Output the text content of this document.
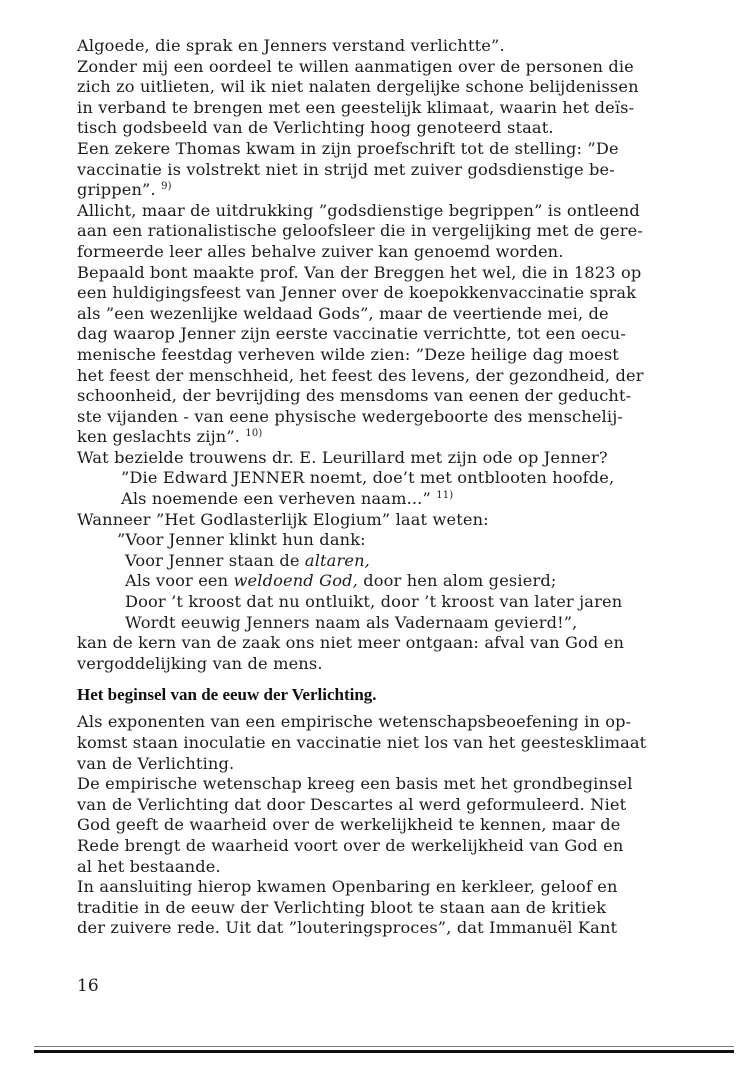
Algoede, die sprak en Jenners verstand verlichtte”.
Zonder mij een oordeel te willen aanmatigen over de personen die
zich zo uitlieten, wil ik niet nalaten dergelijke schone belijdenissen
in verband te brengen met een geestelijk klimaat, waarin het deïs-
tisch godsbeeld van de Verlichting hoog genoteerd staat.
Een zekere Thomas kwam in zijn proefschrift tot de stelling: ”De
vaccinatie is volstrekt niet in strijd met zuiver godsdienstige be-
grippen”. $^{9)}$
Allicht, maar de uitdrukking ”godsdienstige begrippen” is ontleend
aan een rationalistische geloofsleer die in vergelijking met de gere-
formeerde leer alles behalve zuiver kan genoemd worden.
Bepaald bont maakte prof. Van der Breggen het wel, die in 1823 op
een huldigingsfeest van Jenner over de koepokkenvaccinatie sprak
als ”een wezenlijke weldaad Gods”, maar de veertiende mei, de
dag waarop Jenner zijn eerste vaccinatie verrichtte, tot een oecu-
menische feestdag verheven wilde zien: ”Deze heilige dag moest
het feest der menschheid, het feest des levens, der gezondheid, der
schoonheid, der bevrijding des mensdoms van eenen der geducht-
ste vijanden - van eene physische wedergeboorte des menschelij-
ken geslachts zijn”. $^{10)}$
Wat bezielde trouwens dr. E. Leurillard met zijn ode op Jenner?
”Die Edward JENNER noemt, doe’t met ontblooten hoofde,
Als noemende een verheven naam...” $^{11)}$
Wanneer ”Het Godlasterlijk Elogium” laat weten:
”Voor Jenner klinkt hun dank:
Voor Jenner staan de altaren,
Als voor een weldoend God, door hen alom gesierd;
Door ’t kroost dat nu ontluikt, door ’t kroost van later jaren
Wordt eeuwig Jenners naam als Vadernaam gevierd!”,
kan de kern van de zaak ons niet meer ontgaan: afval van God en
vergoddelijking van de mens.
Het beginsel van de eeuw der Verlichting.
Als exponenten van een empirische wetenschapsbeoefening in op-
komst staan inoculatie en vaccinatie niet los van het geestesklimaat
van de Verlichting.
De empirische wetenschap kreeg een basis met het grondbeginsel
van de Verlichting dat door Descartes al werd geformuleerd. Niet
God geeft de waarheid over de werkelijkheid te kennen, maar de
Rede brengt de waarheid voort over de werkelijkheid van God en
al het bestaande.
In aansluiting hierop kwamen Openbaring en kerkleer, geloof en
traditie in de eeuw der Verlichting bloot te staan aan de kritiek
der zuivere rede. Uit dat ”louteringsproces”, dat Immanuël Kant
16
